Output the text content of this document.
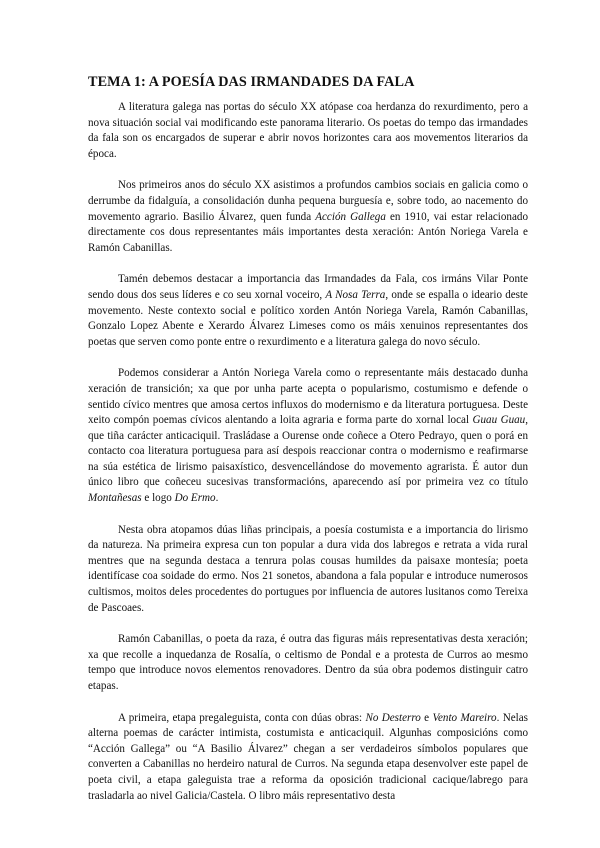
TEMA 1: A POESÍA DAS IRMANDADES DA FALA

A literatura galega nas portas do século XX atópase coa herdanza do rexurdimento, pero a nova situación social vai modificando este panorama literario. Os poetas do tempo das irmandades da fala son os encargados de superar e abrir novos horizontes cara aos movementos literarios da época.

Nos primeiros anos do século XX asistimos a profundos cambios sociais en galicia como o derrumbe da fidalguía, a consolidación dunha pequena burguesía e, sobre todo, ao nacemento do movemento agrario. Basilio Álvarez, quen funda Acción Gallega en 1910, vai estar relacionado directamente cos dous representantes máis importantes desta xeración: Antón Noriega Varela e Ramón Cabanillas.

Tamén debemos destacar a importancia das Irmandades da Fala, cos irmáns Vilar Ponte sendo dous dos seus líderes e co seu xornal voceiro, A Nosa Terra, onde se espalla o ideario deste movemento. Neste contexto social e político xorden Antón Noriega Varela, Ramón Cabanillas, Gonzalo Lopez Abente e Xerardo Álvarez Limeses como os máis xenuinos representantes dos poetas que serven como ponte entre o rexurdimento e a literatura galega do novo século.

Podemos considerar a Antón Noriega Varela como o representante máis destacado dunha xeración de transición; xa que por unha parte acepta o popularismo, costumismo e defende o sentido cívico mentres que amosa certos influxos do modernismo e da literatura portuguesa. Deste xeito compón poemas cívicos alentando a loita agraria e forma parte do xornal local Guau Guau, que tiña carácter anticaciquil. Trasládase a Ourense onde coñece a Otero Pedrayo, quen o porá en contacto coa literatura portuguesa para así despois reaccionar contra o modernismo e reafirmarse na súa estética de lirismo paisaxístico, desvencellándose do movemento agrarista. É autor dun único libro que coñeceu sucesivas transformacións, aparecendo así por primeira vez co título Montañesas e logo Do Ermo.

Nesta obra atopamos dúas liñas principais, a poesía costumista e a importancia do lirismo da natureza. Na primeira expresa cun ton popular a dura vida dos labregos e retrata a vida rural mentres que na segunda destaca a tenrura polas cousas humildes da paisaxe montesía; poeta identifícase coa soidade do ermo. Nos 21 sonetos, abandona a fala popular e introduce numerosos cultismos, moitos deles procedentes do portugues por influencia de autores lusitanos como Tereixa de Pascoaes.

Ramón Cabanillas, o poeta da raza, é outra das figuras máis representativas desta xeración; xa que recolle a inquedanza de Rosalía, o celtismo de Pondal e a protesta de Curros ao mesmo tempo que introduce novos elementos renovadores. Dentro da súa obra podemos distinguir catro etapas.

A primeira, etapa pregaleguista, conta con dúas obras: No Desterro e Vento Mareiro. Nelas alterna poemas de carácter intimista, costumista e anticaciquil. Algunhas composicións como “Acción Gallega” ou “A Basilio Álvarez” chegan a ser verdadeiros símbolos populares que converten a Cabanillas no herdeiro natural de Curros. Na segunda etapa desenvolver este papel de poeta civil, a etapa galeguista trae a reforma da oposición tradicional cacique/labrego para trasladarla ao nivel Galicia/Castela. O libro máis representativo desta
